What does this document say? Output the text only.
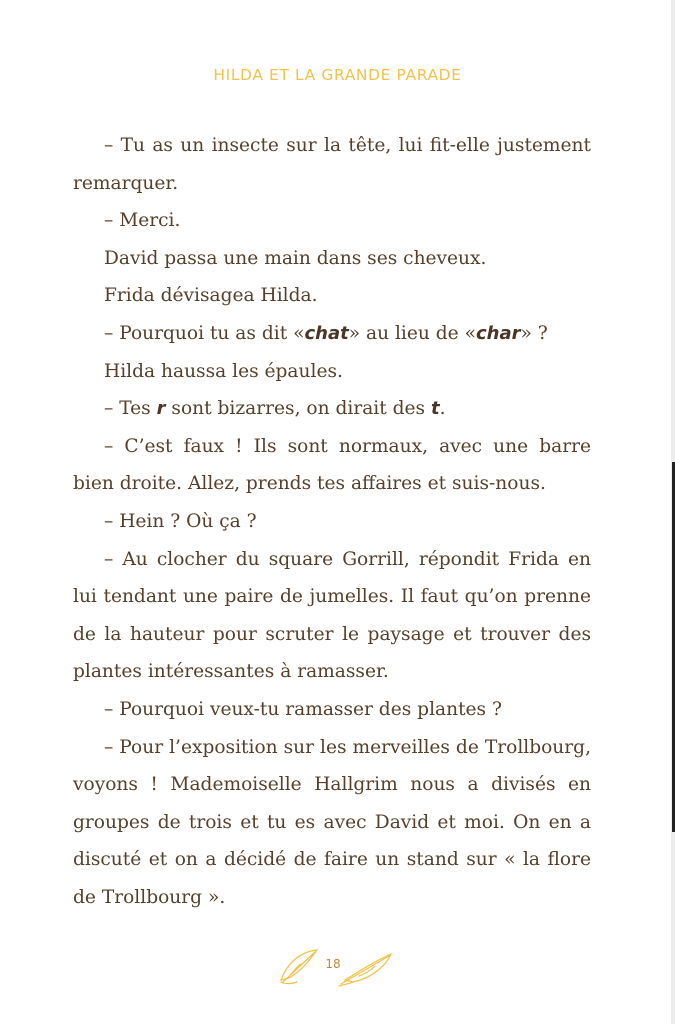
HILDA ET LA GRANDE PARADE

– Tu as un insecte sur la tête, lui fit-elle justement remarquer.

– Merci.

David passa une main dans ses cheveux.

Frida dévisagea Hilda.

– Pourquoi tu as dit «chat» au lieu de «char» ?

Hilda haussa les épaules.

– Tes r sont bizarres, on dirait des t.

– C’est faux ! Ils sont normaux, avec une barre bien droite. Allez, prends tes affaires et suis-nous.

– Hein ? Où ça ?

– Au clocher du square Gorrill, répondit Frida en lui tendant une paire de jumelles. Il faut qu’on prenne de la hauteur pour scruter le paysage et trouver des plantes intéressantes à ramasser.

– Pourquoi veux-tu ramasser des plantes ?

– Pour l’exposition sur les merveilles de Trollbourg, voyons ! Mademoiselle Hallgrim nous a divisés en groupes de trois et tu es avec David et moi. On en a discuté et on a décidé de faire un stand sur « la flore de Trollbourg ».

18
